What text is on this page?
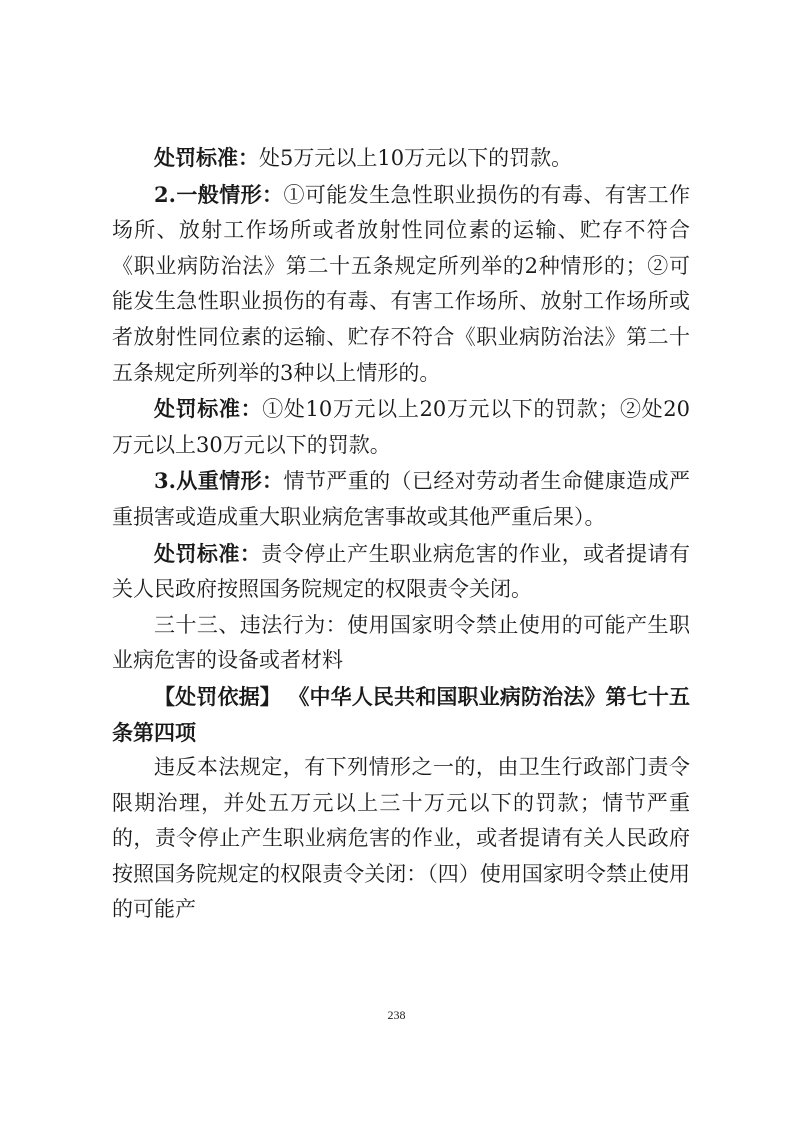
处罚标准：处5万元以上10万元以下的罚款。

2.一般情形：①可能发生急性职业损伤的有毒、有害工作场所、放射工作场所或者放射性同位素的运输、贮存不符合《职业病防治法》第二十五条规定所列举的2种情形的；②可能发生急性职业损伤的有毒、有害工作场所、放射工作场所或者放射性同位素的运输、贮存不符合《职业病防治法》第二十五条规定所列举的3种以上情形的。

处罚标准：①处10万元以上20万元以下的罚款；②处20万元以上30万元以下的罚款。

3.从重情形：情节严重的（已经对劳动者生命健康造成严重损害或造成重大职业病危害事故或其他严重后果）。

处罚标准：责令停止产生职业病危害的作业，或者提请有关人民政府按照国务院规定的权限责令关闭。

三十三、违法行为：使用国家明令禁止使用的可能产生职业病危害的设备或者材料

【处罚依据】 《中华人民共和国职业病防治法》第七十五条第四项

违反本法规定，有下列情形之一的，由卫生行政部门责令限期治理，并处五万元以上三十万元以下的罚款；情节严重的，责令停止产生职业病危害的作业，或者提请有关人民政府按照国务院规定的权限责令关闭：（四）使用国家明令禁止使用的可能产

238
